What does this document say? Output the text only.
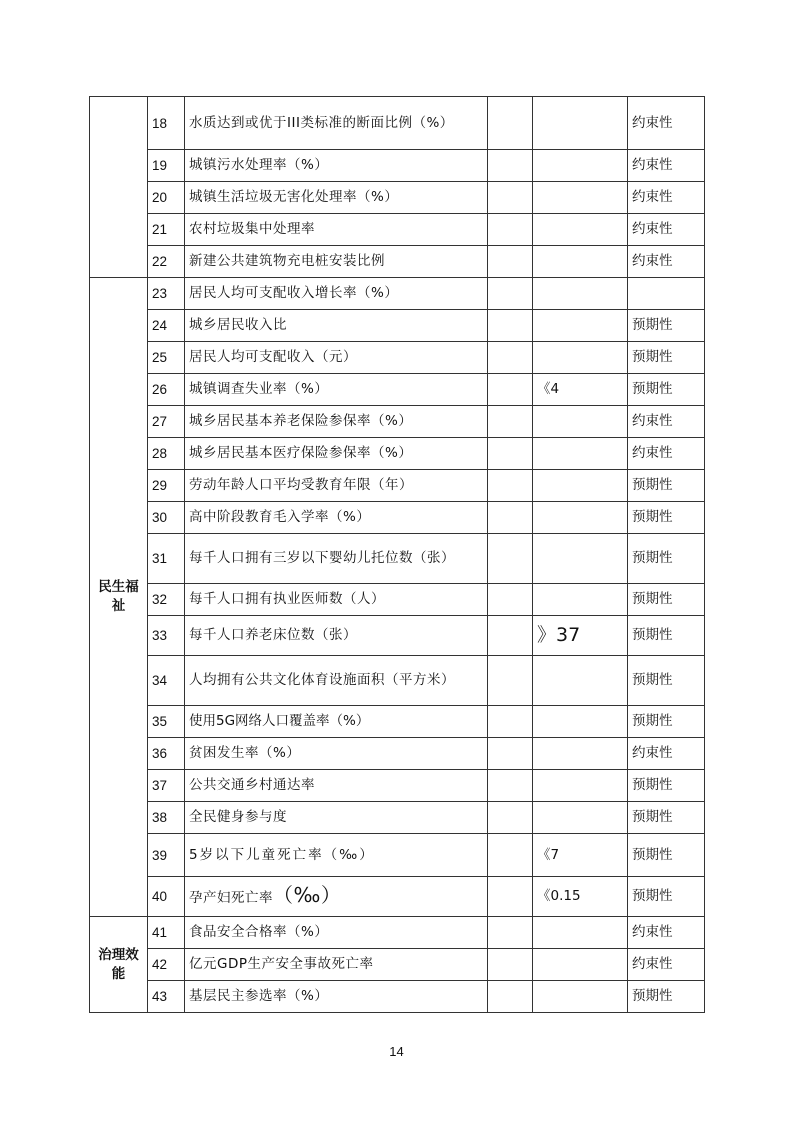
	18	水质达到或优于III类标准的断面比例（%）			约束性
	19	城镇污水处理率（%）			约束性
	20	城镇生活垃圾无害化处理率（%）			约束性
	21	农村垃圾集中处理率			约束性
	22	新建公共建筑物充电桩安装比例			约束性
民生福祉	23	居民人均可支配收入增长率（%）			
	24	城乡居民收入比			预期性
	25	居民人均可支配收入（元）			预期性
	26	城镇调查失业率（%）		《4	预期性
	27	城乡居民基本养老保险参保率（%）			约束性
	28	城乡居民基本医疗保险参保率（%）			约束性
	29	劳动年龄人口平均受教育年限（年）			预期性
	30	高中阶段教育毛入学率（%）			预期性
	31	每千人口拥有三岁以下婴幼儿托位数（张）			预期性
	32	每千人口拥有执业医师数（人）			预期性
	33	每千人口养老床位数（张）		》37	预期性
	34	人均拥有公共文化体育设施面积（平方米）			预期性
	35	使用5G网络人口覆盖率（%）			预期性
	36	贫困发生率（%）			约束性
	37	公共交通乡村通达率			预期性
	38	全民健身参与度			预期性
	39	5岁以下儿童死亡率（‰）		《7	预期性
	40	孕产妇死亡率（‰）		《0.15	预期性
治理效能	41	食品安全合格率（%）			约束性
	42	亿元GDP生产安全事故死亡率			约束性
	43	基层民主参选率（%）			预期性
14
